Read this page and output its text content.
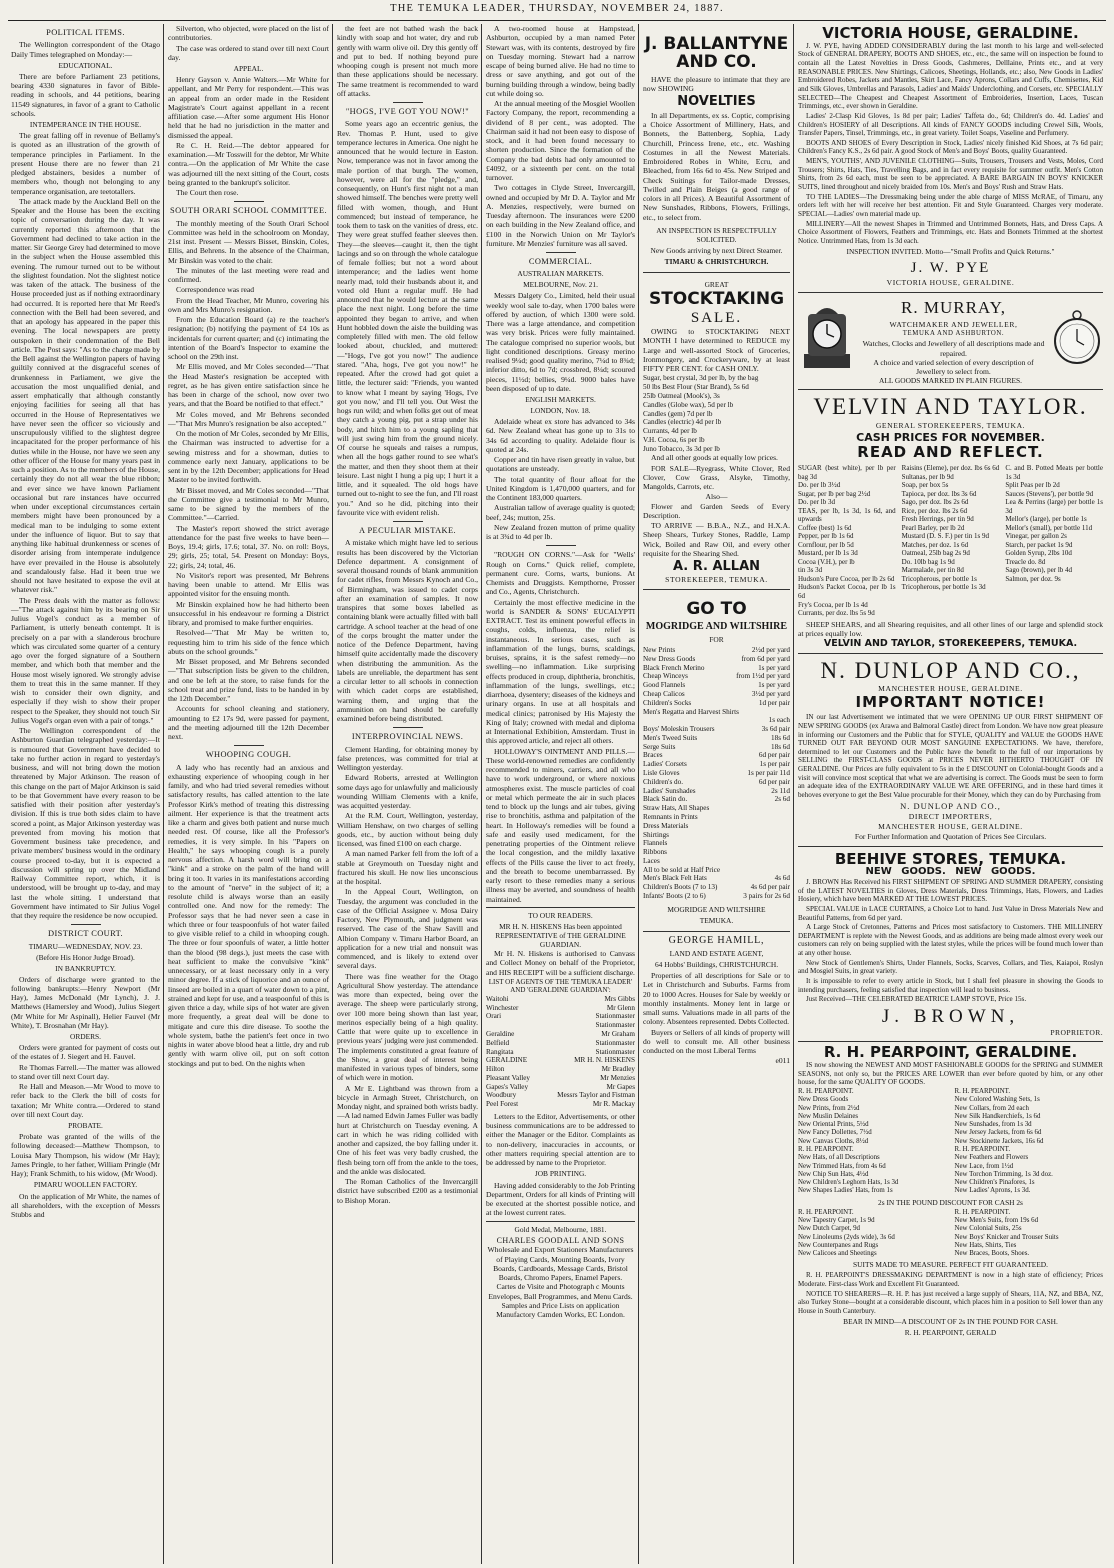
THE TEMUKA LEADER, THURSDAY, NOVEMBER 24, 1887.
POLITICAL ITEMS.
The Wellington correspondent of the Otago Daily Times telegraphed on Monday:—
EDUCATIONAL.
There are before Parliament 23 petitions, bearing 4330 signatures in favor of Bible-reading in schools, and 44 petitions, bearing 11549 signatures, in favor of a grant to Catholic schools.
INTEMPERANCE IN THE HOUSE.
The great falling off in revenue of Bellamy's is quoted as an illustration of the growth of temperance principles in Parliament. In the present House there are no fewer than 21 pledged abstainers, besides a number of members who, though not belonging to any temperance organisation, are teetotallers.
The attack made by the Auckland Bell on the Speaker and the House has been the exciting topic of conversation during the day. It was currently reported this afternoon that the Government had declined to take action in the matter. Sir George Grey had determined to move in the subject when the House assembled this evening. The rumour turned out to be without the slightest foundation. Not the slightest notice was taken of the attack. The business of the House proceeded just as if nothing extraordinary had occurred. It is reported here that Mr Reed's connection with the Bell had been severed, and that an apology has appeared in the paper this evening. The local newspapers are pretty outspoken in their condemnation of the Bell article. The Post says: "As to the charge made by the Bell against the Wellington papers of having guiltily connived at the disgraceful scenes of drunkenness in Parliament, we give the accusation the most unqualified denial, and assert emphatically that although constantly enjoying facilities for seeing all that has occurred in the House of Representatives we have never seen the officer so viciously and unscrupulously vilified to the slightest degree incapacitated for the proper performance of his duties while in the House, nor have we seen any other officer of the House for many years past in such a position. As to the members of the House, certainly they do not all wear the blue ribbon; and ever since we have known Parliament occasional but rare instances have occurred when under exceptional circumstances certain members might have been pronounced by a medical man to be indulging to some extent under the influence of liquor. But to say that anything like habitual drunkenness or scenes of disorder arising from intemperate indulgence have ever prevailed in the House is absolutely and scandalously false. Had it been true we should not have hesitated to expose the evil at whatever risk."
The Press deals with the matter as follows:—"The attack against him by its bearing on Sir Julius Vogel's conduct as a member of Parliament, is utterly beneath contempt. It is precisely on a par with a slanderous brochure which was circulated some quarter of a century ago over the forged signature of a Southern member, and which both that member and the House most wisely ignored. We strongly advise them to treat this in the same manner. If they wish to consider their own dignity, and especially if they wish to show their proper respect to the Speaker, they should not touch Sir Julius Vogel's organ even with a pair of tongs."
The Wellington correspondent of the Ashburton Guardian telegraphed yesterday:—It is rumoured that Government have decided to take no further action in regard to yesterday's business, and will not bring down the motion threatened by Major Atkinson. The reason of this change on the part of Major Atkinson is said to be that Government have every reason to be satisfied with their position after yesterday's division. If this is true both sides claim to have scored a point, as Major Atkinson yesterday was prevented from moving his motion that Government business take precedence, and private members' business would in the ordinary course proceed to-day, but it is expected a discussion will spring up over the Midland Railway Committee report, which, it is understood, will be brought up to-day, and may last the whole sitting. I understand that Government have intimated to Sir Julius Vogel that they require the residence be now occupied.
DISTRICT COURT.
TIMARU—WEDNESDAY, NOV. 23.
(Before His Honor Judge Broad).
IN BANKRUPTCY.
Orders of discharge were granted to the following bankrupts:—Henry Newport (Mr Hay), James McDonald (Mr Lynch), J. J. Matthews (Hamersley and Wood), Julius Siegert (Mr White for Mr Aspinall), Helier Fauvel (Mr White), T. Brosnahan (Mr Hay).
ORDERS.
Orders were granted for payment of costs out of the estates of J. Siegert and H. Fauvel.
Re Thomas Farrell.—The matter was allowed to stand over till next Court day.
Re Hall and Meason.—Mr Wood to move to refer back to the Clerk the bill of costs for taxation; Mr White contra.—Ordered to stand over till next Court day.
PROBATE.
Probate was granted of the wills of the following deceased:—Matthew Thompson, to Louisa Mary Thompson, his widow (Mr Hay); James Pringle, to her father, William Pringle (Mr Hay); Frank Schmith, to his widow, (Mr Wood).
PIMARU WOOLLEN FACTORY.
On the application of Mr White, the names of all shareholders, with the exception of Messrs Stubbs and
Silverton, who objected, were placed on the list of contributories.
The case was ordered to stand over till next Court day.
APPEAL.
Henry Gayson v. Annie Walters.—Mr White for appellant, and Mr Perry for respondent.—This was an appeal from an order made in the Resident Magistrate's Court against appellant in a recent affiliation case.—After some argument His Honor held that he had no jurisdiction in the matter and dismissed the appeal.
Re C. H. Reid.—The debtor appeared for examination.—Mr Tosswill for the debtor, Mr White contra.—On the application of Mr White the case was adjourned till the next sitting of the Court, costs being granted to the bankrupt's solicitor.
The Court then rose.
SOUTH ORARI SCHOOL COMMITTEE.
The monthly meeting of the South Orari School Committee was held in the schoolroom on Monday, 21st inst. Present — Messrs Bisset, Binskin, Coles, Ellis, and Behrens. In the absence of the Chairman, Mr Binskin was voted to the chair.
The minutes of the last meeting were read and confirmed.
Correspondence was read
From the Head Teacher, Mr Munro, covering his own and Mrs Munro's resignation.
From the Education Board (a) re the teacher's resignation; (b) notifying the payment of £4 10s as incidentals for current quarter; and (c) intimating the intention of the Board's Inspector to examine the school on the 29th inst.
Mr Ellis moved, and Mr Coles seconded—"That the Head Master's resignation be accepted with regret, as he has given entire satisfaction since he has been in charge of the school, now over two years, and that the Board be notified to that effect."
Mr Coles moved, and Mr Behrens seconded—"That Mrs Munro's resignation be also accepted."
On the motion of Mr Coles, seconded by Mr Ellis, the Chairman was instructed to advertise for a sewing mistress and for a showman, duties to commence early next January, applications to be sent in by the 12th December; applications for Head Master to be invited forthwith.
Mr Bisset moved, and Mr Coles seconded—"That the Committee give a testimonial to Mr Munro, same to be signed by the members of the Committee."—Carried.
The Master's report showed the strict average attendance for the past five weeks to have been—Boys, 19.4; girls, 17.6; total, 37. No. on roll: Boys, 29; girls, 25; total, 54. Present on Monday: Boys, 22; girls, 24; total, 46.
No Visitor's report was presented, Mr Behrens having been unable to attend. Mr Ellis was appointed visitor for the ensuing month.
Mr Binskin explained how he had hitherto been unsuccessful in his endeavour re forming a District library, and promised to make further enquiries.
Resolved—"That Mr May be written to, requesting him to trim his side of the fence which abuts on the school grounds."
Mr Bisset proposed, and Mr Behrens seconded—"That subscription lists be given to the children, and one be left at the store, to raise funds for the school treat and prize fund, lists to be handed in by the 12th December."
Accounts for school cleaning and stationery, amounting to £2 17s 9d, were passed for payment, and the meeting adjourned till the 12th December next.
WHOOPING COUGH.
A lady who has recently had an anxious and exhausting experience of whooping cough in her family, and who had tried several remedies without satisfactory results, has called attention to the late Professor Kirk's method of treating this distressing ailment. Her experience is that the treatment acts like a charm and gives both patient and nurse much needed rest. Of course, like all the Professor's remedies, it is very simple. In his "Papers on Health," he says whooping cough is a purely nervous affection. A harsh word will bring on a "kink" and a stroke on the palm of the hand will bring it too. It varies in its manifestations according to the amount of "nerve" in the subject of it; a resolute child is always worse than an easily controlled one. And now for the remedy: The Professor says that he had never seen a case in which three or four teaspoonfuls of hot water failed to give visible relief to a child in whooping cough. The three or four spoonfuls of water, a little hotter than the blood (98 degs.), just meets the case with heat sufficient to make the convulsive "kink" unnecessary, or at least necessary only in a very minor degree. If a stick of liquorice and an ounce of linseed are boiled in a quart of water down to a pint, strained and kept for use, and a teaspoonful of this is given thrice a day, while sips of hot water are given more frequently, a great deal will be done to mitigate and cure this dire disease. To soothe the whole system, bathe the patient's feet once in two nights in water above blood heat a little, dry and rub gently with warm olive oil, put on soft cotton stockings and put to bed. On the nights when
the feet are not bathed wash the back kindly with soap and hot water, dry and rub gently with warm olive oil. Dry this gently off and put to bed. If nothing beyond pure whooping cough is present not much more than these applications should be necessary. The same treatment is recommended to ward off attacks.
"HOGS, I'VE GOT YOU NOW!"
Some years ago an eccentric genius, the Rev. Thomas P. Hunt, used to give temperance lectures in America. One night he announced that he would lecture in Easton. Now, temperance was not in favor among the male portion of that burgh. The women, however, were all for the "pledge," and, consequently, on Hunt's first night not a man showed himself. The benches were pretty well filled with women, though, and Hunt commenced; but instead of temperance, he took them to task on the vanities of dress, etc. They were great stuffed feather sleeves then. They—the sleeves—caught it, then the tight lacings and so on through the whole catalogue of female follies; but not a word about intemperance; and the ladies went home nearly mad, told their husbands about it, and voted old Hunt a regular muff. He had announced that he would lecture at the same place the next night. Long before the time appointed they began to arrive, and when Hunt hobbled down the aisle the building was completely filled with men. The old fellow looked about, chuckled, and muttered:—"Hogs, I've got you now!" The audience stared. "Aha, hogs, I've got you now!" he repeated. After the crowd had got quiet a little, the lecturer said: "Friends, you wanted to know what I meant by saying 'Hogs, I've got you now,' and I'll tell you. Out West the hogs run wild; and when folks get out of meat they catch a young pig, put a strap under his body, and hitch him to a young sapling that will just swing him from the ground nicely. Of course he squeals and raises a rumpus, when all the hogs gather round to see what's the matter, and then they shoot them at their leisure. Last night I hung a pig up; I hurt it a little, and it squealed. The old hogs have turned out to-night to see the fun, and I'll roast you." And so he did, pitching into their favourite vice with evident relish.
A PECULIAR MISTAKE.
A mistake which might have led to serious results has been discovered by the Victorian Defence department. A consignment of several thousand rounds of blank ammunition for cadet rifles, from Messrs Kynoch and Co., of Birmingham, was issued to cadet corps after an examination of samples. It now transpires that some boxes labelled as containing blank were actually filled with ball cartridge. A school teacher at the head of one of the corps brought the matter under the notice of the Defence Department, having himself quite accidentally made the discovery when distributing the ammunition. As the labels are unreliable, the department has sent a circular letter to all schools in connection with which cadet corps are established, warning them, and urging that the ammunition on hand should be carefully examined before being distributed.
INTERPROVINCIAL NEWS.
Clement Harding, for obtaining money by false pretences, was committed for trial at Wellington yesterday.
Edward Roberts, arrested at Wellington some days ago for unlawfully and maliciously wounding William Clements with a knife, was acquitted yesterday.
At the R.M. Court, Wellington, yesterday, William Henshaw, on two charges of selling goods, etc., by auction without being duly licensed, was fined £100 on each charge.
A man named Parker fell from the loft of a stable at Greymouth on Tuesday night and fractured his skull. He now lies unconscious at the hospital.
In the Appeal Court, Wellington, on Tuesday, the argument was concluded in the case of the Official Assignee v. Mosa Dairy Factory, New Plymouth, and judgment was reserved. The case of the Shaw Savill and Albion Company v. Timaru Harbor Board, an application for a new trial and nonsuit was commenced, and is likely to extend over several days.
There was fine weather for the Otago Agricultural Show yesterday. The attendance was more than expected, being over the average. The sheep were particularly strong, over 100 more being shown than last year, merinos especially being of a high quality. Cattle that were quite up to excellence in previous years' judging were just commended. The implements constituted a great feature of the Show, a great deal of interest being manifested in various types of binders, some of which were in motion.
A Mr E. Lightband was thrown from a bicycle in Armagh Street, Christchurch, on Monday night, and sprained both wrists badly.—A lad named Edwin James Fuller was badly hurt at Christchurch on Tuesday evening. A cart in which he was riding collided with another and capsized, the boy falling under it. One of his feet was very badly crushed, the flesh being torn off from the ankle to the toes, and the ankle was dislocated.
The Roman Catholics of the Invercargill district have subscribed £200 as a testimonial to Bishop Moran.
A two-roomed house at Hampstead, Ashburton, occupied by a man named Peter Stewart was, with its contents, destroyed by fire on Tuesday morning. Stewart had a narrow escape of being burned alive. He had no time to dress or save anything, and got out of the burning building through a window, being badly cut while doing so.
At the annual meeting of the Mosgiel Woollen Factory Company, the report, recommending a dividend of 8 per cent., was adopted. The Chairman said it had not been easy to dispose of stock, and it had been found necessary to shorten production. Since the formation of the Company the bad debts had only amounted to £4092, or a sixteenth per cent. on the total turnover.
Two cottages in Clyde Street, Invercargill, owned and occupied by Mr D. A. Taylor and Mr A. Menzies, respectively, were burned on Tuesday afternoon. The insurances were £200 on each building in the New Zealand office, and £100 in the Norwich Union on Mr Taylor's furniture. Mr Menzies' furniture was all saved.
COMMERCIAL.
AUSTRALIAN MARKETS.
MELBOURNE, Nov. 21.
Messrs Dalgety Co., Limited, held their usual weekly wool sale to-day, when 1700 bales were offered by auction, of which 1300 were sold. There was a large attendance, and competition was very brisk. Prices were fully maintained. The catalogue comprised no superior wools, but light conditioned descriptions. Greasy merino realised 9¼d; good quality merino, 7¼d to 8¾d; inferior ditto, 6d to 7d; crossbred, 8¼d; scoured pieces, 11½d; bellies, 9¼d. 9000 bales have been disposed of up to date.
ENGLISH MARKETS.
LONDON, Nov. 18.
Adelaide wheat ex store has advanced to 34s 6d. New Zealand wheat has gone up to 31s to 34s 6d according to quality. Adelaide flour is quoted at 24s.
Copper and tin have risen greatly in value, but quotations are unsteady.
The total quantity of flour afloat for the United Kingdom is 1,470,000 quarters, and for the Continent 183,000 quarters.
Australian tallow of average quality is quoted; beef, 24s; mutton, 25s.
New Zealand frozen mutton of prime quality is at 3¾d to 4d per lb.
"ROUGH ON CORNS."—Ask for "Wells' Rough on Corns." Quick relief, complete, permanent cure. Corns, warts, bunions. At Chemists and Druggists. Kempthorne, Prosser and Co., Agents, Christchurch.
Certainly the most effective medicine in the world is SANDER & SONS' EUCALYPTI EXTRACT. Test its eminent powerful effects in coughs, colds, influenza, the relief is instantaneous. In serious cases, such as inflammation of the lungs, burns, scaldings, bruises, sprains, it is the safest remedy—no swelling—no inflammation. Like surprising effects produced in croup, diphtheria, bronchitis, inflammation of the lungs, swellings, etc.; diarrhoea, dysentery; diseases of the kidneys and urinary organs. In use at all hospitals and medical clinics; patronised by His Majesty the King of Italy; crowned with medal and diploma at International Exhibition, Amsterdam. Trust in this approved article, and reject all others.
HOLLOWAY'S OINTMENT AND PILLS.—These world-renowned remedies are confidently recommended to miners, carriers, and all who have to work underground, or where noxious atmospheres exist. The muscle particles of coal or metal which permeate the air in such places tend to block up the lungs and air tubes, giving rise to bronchitis, asthma and palpitation of the heart. In Holloway's remedies will be found a safe and easily used medicament, for the penetrating properties of the Ointment relieve the local congestion, and the mildly laxative effects of the Pills cause the liver to act freely, and the breath to become unembarrassed. By early resort to these remedies many a serious illness may be averted, and soundness of health maintained.
TO OUR READERS.
MR H. N. HISKENS Has been appointed REPRESENTATIVE of THE GERALDINE GUARDIAN.
Mr H. N. Hiskens is authorised to Canvass and Collect Money on behalf of the Proprietor, and HIS RECEIPT will be a sufficient discharge.
LIST OF AGENTS OF THE 'TEMUKA LEADER' AND 'GERALDINE GUARDIAN':
Waitohi	Mrs Gibbs
Winchester	Mr Glenn
Orari	Stationmaster
Stationmaster
Geraldine	Mr Graham
Belfield	Stationmaster
Rangitata	Stationmaster
GERALDINE	MR H. N. HISKENS
Hilton	Mr Bradley
Pleasant Valley	Mr Menzies
Gapes's Valley	Mr Gapes
Woodbury	Messrs Taylor and Fistman
Peel Forest	Mr R. Mackay
Letters to the Editor, Advertisements, or other business communications are to be addressed to either the Manager or the Editor. Complaints as to non-delivery, inaccuracies in accounts, or other matters requiring special attention are to be addressed by name to the Proprietor.
JOB PRINTING.
Having added considerably to the Job Printing Department, Orders for all kinds of Printing will be executed at the shortest possible notice, and at the lowest current rates.
Gold Medal, Melbourne, 1881.
CHARLES GOODALL AND SONS
Wholesale and Export Stationers Manufacturers of Playing Cards, Mounting Boards, Ivory Boards, Cardboards, Message Cards, Bristol Boards, Chromo Papers, Enamel Papers.
Cartes de Visite and Photograph c Mounts Envelopes, Ball Programmes, and Menu Cards.
Samples and Price Lists on application Manufactory Camden Works, EC London.
J. BALLANTYNE AND CO.
HAVE the pleasure to intimate that they are now SHOWING
NOVELTIES
In all Departments, ex ss. Coptic, comprising a Choice Assortment of Millinery, Hats, and Bonnets, the Battenberg, Sophia, Lady Churchill, Princess Irene, etc., etc. Washing Costumes in all the Newest Materials. Embroidered Robes in White, Ecru, and Bleached, from 16s 6d to 45s. New Striped and Check Suitings for Tailor-made Dresses, Twilled and Plain Beiges (a good range of colors in all Prices). A Beautiful Assortment of New Sunshades, Ribbons, Flowers, Frillings, etc., to select from.
AN INSPECTION IS RESPECTFULLY SOLICITED.
New Goods arriving by next Direct Steamer.
TIMARU & CHRISTCHURCH.
GREAT
STOCKTAKING
SALE.
OWING to STOCKTAKING NEXT MONTH I have determined to REDUCE my Large and well-assorted Stock of Groceries, Ironmongery, and Crockeryware, by at least FIFTY PER CENT. for CASH ONLY.
Sugar, best crystal, 3d per lb, by the bag
50 lbs Best Flour (Star Brand), 5s 6d
25lb Oatmeal (Mook's), 3s
Candles (Globe wax), 5d per lb
Candles (gem) 7d per lb
Candles (electric) 4d per lb
Currants, 4d per lb
V.H. Cocoa, 6s per lb
Juno Tobacco, 3s 3d per lb
And all other goods at equally low prices.
FOR SALE—Ryegrass, White Clover, Red Clover, Cow Grass, Alsyke, Timothy, Mangolds, Carrots, etc.
Also—
Flower and Garden Seeds of Every Description.
TO ARRIVE — B.B.A., N.Z., and H.X.A. Sheep Shears, Turkey Stones, Raddle, Lamp Wick, Boiled and Raw Oil, and every other requisite for the Shearing Shed.
A. R. ALLAN
STOREKEEPER, TEMUKA.
GO TO
MOGRIDGE AND WILTSHIRE
FOR
New Prints	2½d per yard
New Dress Goods	from 6d per yard
Black French Merino	1s per yard
Cheap Winceys	from 1½d per yard
Good Flannels	1s per yard
Cheap Calicos	3½d per yard
Children's Socks	1d per pair
Men's Regatta and Harvest Shirts
1s each
Boys' Moleskin Trousers	3s 6d pair
Men's Tweed Suits	18s 6d
Serge Suits	18s 6d
Braces	6d per pair
Ladies' Corsets	1s per pair
Lisle Gloves	1s per pair 11d
Children's do.	6d per pair
Ladies' Sunshades	2s 11d
Black Satin do.	2s 6d
Straw Hats, All Shapes
Remnants in Prints
Dress Materials
Shirtings
Flannels
Ribbons
Laces
All to be sold at Half Price
Men's Black Felt Hats	4s 6d
Children's Boots (7 to 13)	4s 6d per pair
Infants' Boots (2 to 6)	3 pairs for 2s 6d
MOGRIDGE AND WILTSHIRE
TEMUKA.
GEORGE HAMILL,
LAND AND ESTATE AGENT,
64 Hobbs' Buildings, CHRISTCHURCH.
Properties of all descriptions for Sale or to Let in Christchurch and Suburbs. Farms from 20 to 1000 Acres. Houses for Sale by weekly or monthly instalments. Money lent in large or small sums. Valuations made in all parts of the colony. Absentees represented. Debts Collected.
Buyers or Sellers of all kinds of property will do well to consult me. All other business conducted on the most Liberal Terms
e011
VICTORIA HOUSE, GERALDINE.
J. W. PYE, having ADDED CONSIDERABLY during the last month to his large and well-selected Stock of GENERAL DRAPERY, BOOTS AND SHOES, etc., etc., the same will on inspection be found to contain all the Latest Novelties in Dress Goods, Cashmeres, Delllaine, Prints etc., and at very REASONABLE PRICES. New Shirtings, Calicoes, Sheetings, Hollands, etc.; also, New Goods in Ladies' Embroidered Robes, Jackets and Mantles, Skirt Lace, Fancy Aprons, Collars and Cuffs, Chemisettes, Kid and Silk Gloves, Umbrellas and Parasols, Ladies' and Maids' Underclothing, and Corsets, etc. SPECIALLY SELECTED—The Cheapest and Cheapest Assortment of Embroideries, Insertion, Laces, Tuscan Trimmings, etc., ever shown in Geraldine.
Ladies' 2-Clasp Kid Gloves, 1s 8d per pair; Ladies' Taffeta do., 6d; Children's do. 4d. Ladies' and Children's HOSIERY of all Descriptions. All kinds of FANCY GOODS including Crewel Silk, Wools, Transfer Papers, Tinsel, Trimmings, etc., in great variety. Toilet Soaps, Vaseline and Perfumery.
BOOTS AND SHOES of Every Description in Stock, Ladies' nicely finished Kid Shoes, at 7s 6d pair; Children's Fancy K.S., 2s 6d pair. A good Stock of Men's and Boys' Boots, quality Guaranteed.
MEN'S, YOUTHS', AND JUVENILE CLOTHING—Suits, Trousers, Trousers and Vests, Moles, Cord Trousers; Shirts, Hats, Ties, Travelling Bags, and in fact every requisite for summer outfit. Men's Cotton Shirts, from 2s 6d each, must be seen to be appreciated. A BARE BARGAIN IN BOYS' KNICKER SUITS, lined throughout and nicely braided from 10s. Men's and Boys' Rush and Straw Hats.
TO THE LADIES—The Dressmaking being under the able charge of MISS McRAE, of Timaru, any orders left with her will receive her best attention. Fit and Style Guaranteed. Charges very moderate. SPECIAL—Ladies' own material made up.
MILLINERY—All the newest Shapes in Trimmed and Untrimmed Bonnets, Hats, and Dress Caps. A Choice Assortment of Flowers, Feathers and Trimmings, etc. Hats and Bonnets Trimmed at the shortest Notice. Untrimmed Hats, from 1s 3d each.
INSPECTION INVITED. Motto—"Small Profits and Quick Returns."
J. W. PYE
VICTORIA HOUSE, GERALDINE.
R. MURRAY,
WATCHMAKER AND JEWELLER,
TEMUKA AND ASHBURTON.
Watches, Clocks and Jewellery of all descriptions made and repaired.
A choice and varied selection of every description of Jewellery to select from.
ALL GOODS MARKED IN PLAIN FIGURES.
VELVIN AND TAYLOR.
GENERAL STOREKEEPERS, TEMUKA.
CASH PRICES FOR NOVEMBER.
READ AND REFLECT.
SUGAR (best white), per lb per bag 3d
Do. per lb 3½d
Sugar, per lb per bag 2½d
Do. per lb 3d
TEAS, per lb, 1s 3d, 1s 6d, and upwards
Coffee (best) 1s 6d
Pepper, per lb 1s 6d
Cornflour, per lb 5d
Mustard, per lb 1s 3d
Cocoa (V.H.), per lb
tin 3s 3d
Hudson's Pure Cocoa, per lb 2s 6d
Hudson's Packet Cocoa, per lb 1s 6d
Fry's Cocoa, per lb 1s 4d
Currants, per doz. lbs 5s 9d
Raisins (Eleme), per doz. lbs 6s 6d
Sultanas, per lb 9d
Soap, per box 5s
Tapioca, per doz. lbs 3s 6d
Sago, per doz. lbs 2s 6d
Rice, per doz. lbs 2s 6d
Fresh Herrings, per tin 9d
Pearl Barley, per lb 2d
Mustard (D. S. F.) per tin 1s 9d
Matches, per doz. 1s 6d
Oatmeal, 25lb bag 2s 9d
Do. 10lb bag 1s 9d
Marmalade, per tin 8d
Tricopherous, per bottle 1s
Tricopherous, per bottle 1s 3d
C. and B. Potted Meats per bottle 1s 3d
Split Peas per lb 2d
Sauces (Stevens'), per bottle 9d
Lea & Perrins (large) per bottle 1s 3d
Mellor's (large), per bottle 1s
Mellor's (small), per bottle 11d
Vinegar, per gallon 2s
Starch, per packet 1s 9d
Golden Syrup, 2lbs 10d
Treacle do. 8d
Sago (brown), per lb 4d
Salmon, per doz. 9s
SHEEP SHEARS, and all Shearing requisites, and all other lines of our large and splendid stock at prices equally low.
VELVIN AND TAYLOR, STOREKEEPERS, TEMUKA.
N. DUNLOP AND CO.,
MANCHESTER HOUSE, GERALDINE.
IMPORTANT NOTICE!
IN our last Advertisement we intimated that we were OPENING UP OUR FIRST SHIPMENT OF NEW SPRING GOODS (ex Arawa and Balmoral Castle) direct from London. We have now great pleasure in informing our Customers and the Public that for STYLE, QUALITY and VALUE the GOODS HAVE TURNED OUT FAR BEYOND OUR MOST SANGUINE EXPECTATIONS. We have, therefore, determined to let our Customers and the Public have the benefit to the full of our importations by SELLING the FIRST-CLASS GOODS at PRICES NEVER HITHERTO THOUGHT OF IN GERALDINE. Our Prices are fully equivalent to 5s in the £ DISCOUNT on Colonial-bought Goods and a visit will convince most sceptical that what we are advertising is correct. The Goods must be seen to form an adequate idea of the EXTRAORDINARY VALUE WE ARE OFFERING, and in these hard times it behoves everyone to get the Best Value procurable for their Money, which they can do by Purchasing from
N. DUNLOP AND CO.,
DIRECT IMPORTERS,
MANCHESTER HOUSE, GERALDINE.
For Further Information and Quotation of Prices See Circulars.
BEEHIVE STORES, TEMUKA.
NEW GOODS. NEW GOODS.
J. BROWN Has Received his FIRST SHIPMENT OF SPRING AND SUMMER DRAPERY, consisting of the LATEST NOVELTIES in Gloves, Dress Materials, Dress Trimmings, Hats, Flowers, and Ladies Hosiery, which have been MARKED AT THE LOWEST PRICES.
SPECIAL VALUE in LACE CURTAINS, a Choice Lot to hand. Just Value in Dress Materials New and Beautiful Patterns, from 6d per yard.
A Large Stock of Cretonnes, Patterns and Prices most satisfactory to Customers. THE MILLINERY DEPARTMENT is replete with the Newest Goods, and as additions are being made almost every week our customers can rely on being supplied with the latest styles, while the prices will be found much lower than at any other house.
New Stock of Gentlemen's Shirts, Under Flannels, Socks, Scarves, Collars, and Ties, Kaiapoi, Roslyn and Mosgiel Suits, in great variety.
It is impossible to refer to every article in Stock, but I shall feel pleasure in showing the Goods to intending purchasers, feeling satisfied that inspection will lead to business.
Just Received—THE CELEBRATED BEATRICE LAMP STOVE, Price 15s.
J. BROWN,
PROPRIETOR.
R. H. PEARPOINT, GERALDINE.
IS now showing the NEWEST AND MOST FASHIONABLE GOODS for the SPRING and SUMMER SEASONS, not only so, but the PRICES ARE LOWER than ever before quoted by him, or any other house, for the same QUALITY OF GOODS.
R. H. PEARPOINT.
New Dress Goods
New Prints, from 2½d
New Muslin Delaines
New Oriental Prints, 5½d
New Fancy Dollettes, 7½d
New Canvas Cloths, 8½d
R. H. PEARPOINT.
New Hats, of all Descriptions
New Trimmed Hats, from 4s 6d
New Chip Sun Hats, 4½d
New Children's Leghorn Hats, 1s 3d
New Shapes Ladies' Hats, from 1s
R. H. PEARPOINT.
New Colored Washing Sets, 1s
New Collars, from 2d each
New Silk Handkerchiefs, 1s 6d
New Sunshades, from 1s 3d
New Jersey Jackets, from 6s 6d
New Stockinette Jackets, 16s 6d
R. H. PEARPOINT.
New Feathers and Flowers
New Lace, from 1½d
New Torchon Trimming, 1s 3d doz.
New Children's Pinafores, 1s
New Ladies' Aprons, 1s 3d.
2s IN THE POUND DISCOUNT FOR CASH 2s
R. H. PEARPOINT.
New Tapestry Carpet, 1s 9d
New Dutch Carpet, 9d
New Linoleums (2yds wide), 3s 6d
New Counterpanes and Rugs
New Calicoes and Sheetings
R. H. PEARPOINT.
New Men's Suits, from 19s 6d
New Colonial Suits, 25s
New Boys' Knicker and Trouser Suits
New Hats, Shirts, Ties
New Braces, Boots, Shoes.
SUITS MADE TO MEASURE. PERFECT FIT GUARANTEED.
R. H. PEARPOINT'S DRESSMAKING DEPARTMENT is now in a high state of efficiency; Prices Moderate. First-class Work and Excellent Fit Guaranteed.
NOTICE TO SHEARERS—R. H. P. has just received a large supply of Shears, 11A, NZ, and BBA, NZ, also Turkey Stone—bought at a considerable discount, which places him in a position to Sell lower than any House in South Canterbury.
BEAR IN MIND—A DISCOUNT OF 2s IN THE POUND FOR CASH.
R. H. PEARPOINT, GERALD
